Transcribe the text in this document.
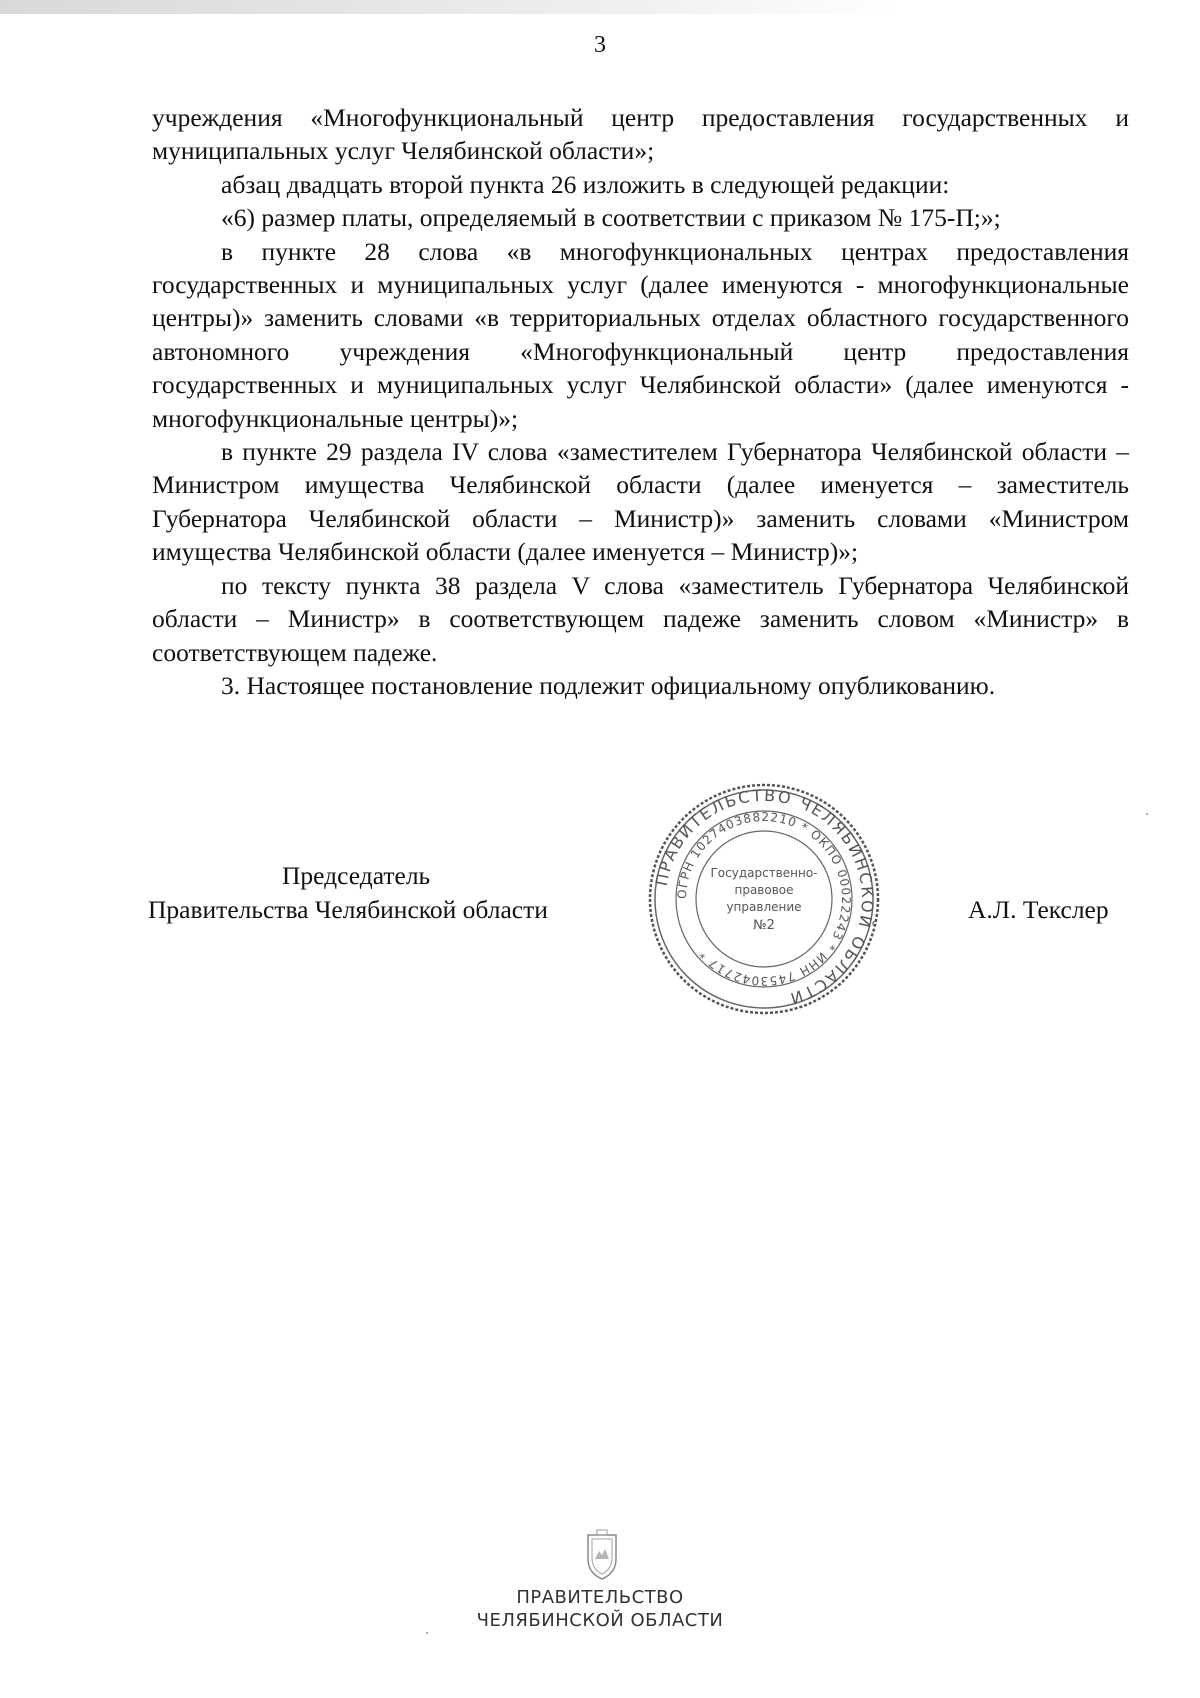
3

учреждения «Многофункциональный центр предоставления государственных и муниципальных услуг Челябинской области»;

абзац двадцать второй пункта 26 изложить в следующей редакции:

«6) размер платы, определяемый в соответствии с приказом № 175-П;»;

в пункте 28 слова «в многофункциональных центрах предоставления государственных и муниципальных услуг (далее именуются - многофункциональные центры)» заменить словами «в территориальных отделах областного государственного автономного учреждения «Многофункциональный центр предоставления государственных и муниципальных услуг Челябинской области» (далее именуются - многофункциональные центры)»;

в пункте 29 раздела IV слова «заместителем Губернатора Челябинской области – Министром имущества Челябинской области (далее именуется – заместитель Губернатора Челябинской области – Министр)» заменить словами «Министром имущества Челябинской области (далее именуется – Министр)»;

по тексту пункта 38 раздела V слова «заместитель Губернатора Челябинской области – Министр» в соответствующем падеже заменить словом «Министр» в соответствующем падеже.

3. Настоящее постановление подлежит официальному опубликованию.

Председатель
Правительства Челябинской области
ПРАВИТЕЛЬСТВО ЧЕЛЯБИНСКОЙ ОБЛАСТИ
ОГРН 1027403882210 * ОКПО 00022243 * ИНН 7453042717 *
Государственно-
правовое
управление
№2
А.Л. Текслер
ПРАВИТЕЛЬСТВО
ЧЕЛЯБИНСКОЙ ОБЛАСТИ
